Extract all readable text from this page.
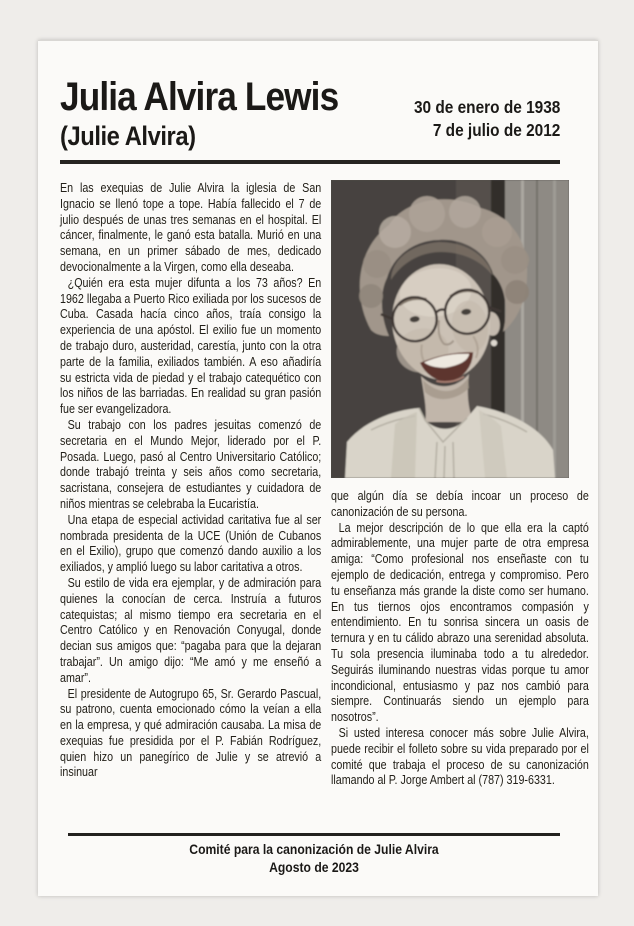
Julia Alvira Lewis
(Julie Alvira)
30 de enero de 1938
7 de julio de 2012

En las exequias de Julie Alvira la iglesia de San Ignacio se llenó tope a tope. Había fallecido el 7 de julio después de unas tres semanas en el hospital. El cáncer, finalmente, le ganó esta batalla. Murió en una semana, en un primer sábado de mes, dedicado devocionalmente a la Virgen, como ella deseaba.

¿Quién era esta mujer difunta a los 73 años? En 1962 llegaba a Puerto Rico exiliada por los sucesos de Cuba. Casada hacía cinco años, traía consigo la experiencia de una apóstol. El exilio fue un momento de trabajo duro, austeridad, carestía, junto con la otra parte de la familia, exiliados también. A eso añadiría su estricta vida de piedad y el trabajo catequético con los niños de las barriadas. En realidad su gran pasión fue ser evangelizadora.

Su trabajo con los padres jesuitas comenzó de secretaria en el Mundo Mejor, liderado por el P. Posada. Luego, pasó al Centro Universitario Católico; donde trabajó treinta y seis años como secretaria, sacristana, consejera de estudiantes y cuidadora de niños mientras se celebraba la Eucaristía.

Una etapa de especial actividad caritativa fue al ser nombrada presidenta de la UCE (Unión de Cubanos en el Exilio), grupo que comenzó dando auxilio a los exiliados, y amplió luego su labor caritativa a otros.

Su estilo de vida era ejemplar, y de admiración para quienes la conocían de cerca. Instruía a futuros catequistas; al mismo tiempo era secretaria en el Centro Católico y en Renovación Conyugal, donde decian sus amigos que: “pagaba para que la dejaran trabajar”. Un amigo dijo: “Me amó y me enseñó a amar”.

El presidente de Autogrupo 65, Sr. Gerardo Pascual, su patrono, cuenta emocionado cómo la veían a ella en la empresa, y qué admiración causaba. La misa de exequias fue presidida por el P. Fabián Rodríguez, quien hizo un panegírico de Julie y se atrevió a insinuar

que algún día se debía incoar un proceso de canonización de su persona.

La mejor descripción de lo que ella era la captó admirablemente, una mujer parte de otra empresa amiga: “Como profesional nos enseñaste con tu ejemplo de dedicación, entrega y compromiso. Pero tu enseñanza más grande la diste como ser humano. En tus tiernos ojos encontramos compasión y entendimiento. En tu sonrisa sincera un oasis de ternura y en tu cálido abrazo una serenidad absoluta. Tu sola presencia iluminaba todo a tu alrededor. Seguirás iluminando nuestras vidas porque tu amor incondicional, entusiasmo y paz nos cambió para siempre. Continuarás siendo un ejemplo para nosotros”.

Si usted interesa conocer más sobre Julie Alvira, puede recibir el folleto sobre su vida preparado por el comité que trabaja el proceso de su canonización llamando al P. Jorge Ambert al (787) 319-6331.

Comité para la canonización de Julie Alvira
Agosto de 2023
